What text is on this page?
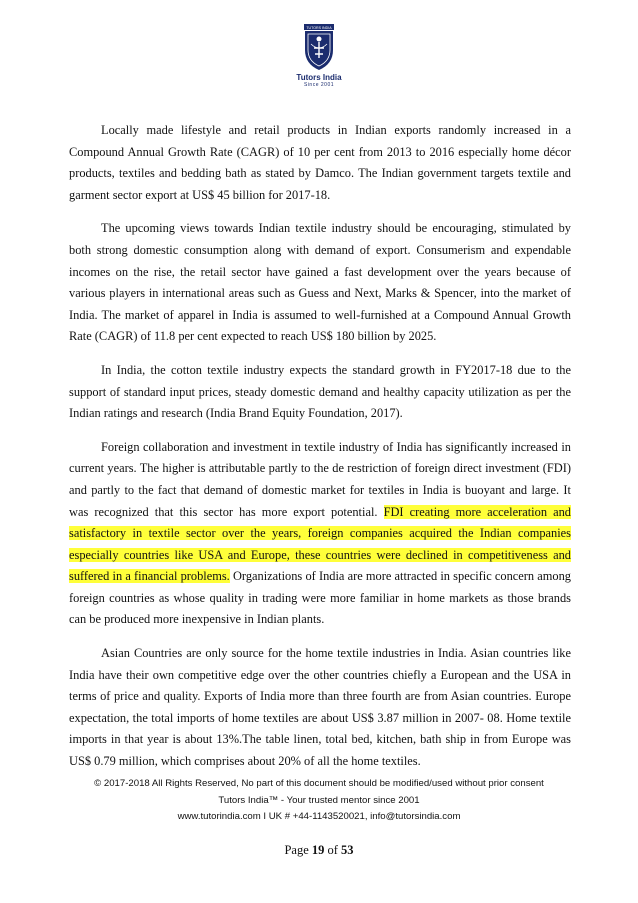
TUTORS INDIA
Tutors India
Since 2001

Locally made lifestyle and retail products in Indian exports randomly increased in a Compound Annual Growth Rate (CAGR) of 10 per cent from 2013 to 2016 especially home décor products, textiles and bedding bath as stated by Damco. The Indian government targets textile and garment sector export at US$ 45 billion for 2017-18.

The upcoming views towards Indian textile industry should be encouraging, stimulated by both strong domestic consumption along with demand of export. Consumerism and expendable incomes on the rise, the retail sector have gained a fast development over the years because of various players in international areas such as Guess and Next, Marks & Spencer, into the market of India. The market of apparel in India is assumed to well-furnished at a Compound Annual Growth Rate (CAGR) of 11.8 per cent expected to reach US$ 180 billion by 2025.

In India, the cotton textile industry expects the standard growth in FY2017-18 due to the support of standard input prices, steady domestic demand and healthy capacity utilization as per the Indian ratings and research (India Brand Equity Foundation, 2017).

Foreign collaboration and investment in textile industry of India has significantly increased in current years. The higher is attributable partly to the de restriction of foreign direct investment (FDI) and partly to the fact that demand of domestic market for textiles in India is buoyant and large. It was recognized that this sector has more export potential. FDI creating more acceleration and satisfactory in textile sector over the years, foreign companies acquired the Indian companies especially countries like USA and Europe, these countries were declined in competitiveness and suffered in a financial problems. Organizations of India are more attracted in specific concern among foreign countries as whose quality in trading were more familiar in home markets as those brands can be produced more inexpensive in Indian plants.

Asian Countries are only source for the home textile industries in India. Asian countries like India have their own competitive edge over the other countries chiefly a European and the USA in terms of price and quality. Exports of India more than three fourth are from Asian countries. Europe expectation, the total imports of home textiles are about US$ 3.87 million in 2007- 08. Home textile imports in that year is about 13%.The table linen, total bed, kitchen, bath ship in from Europe was US$ 0.79 million, which comprises about 20% of all the home textiles.

© 2017-2018 All Rights Reserved, No part of this document should be modified/used without prior consent
Tutors India™ - Your trusted mentor since 2001
www.tutorindia.com I UK # +44-1143520021, info@tutorsindia.com
Page 19 of 53
